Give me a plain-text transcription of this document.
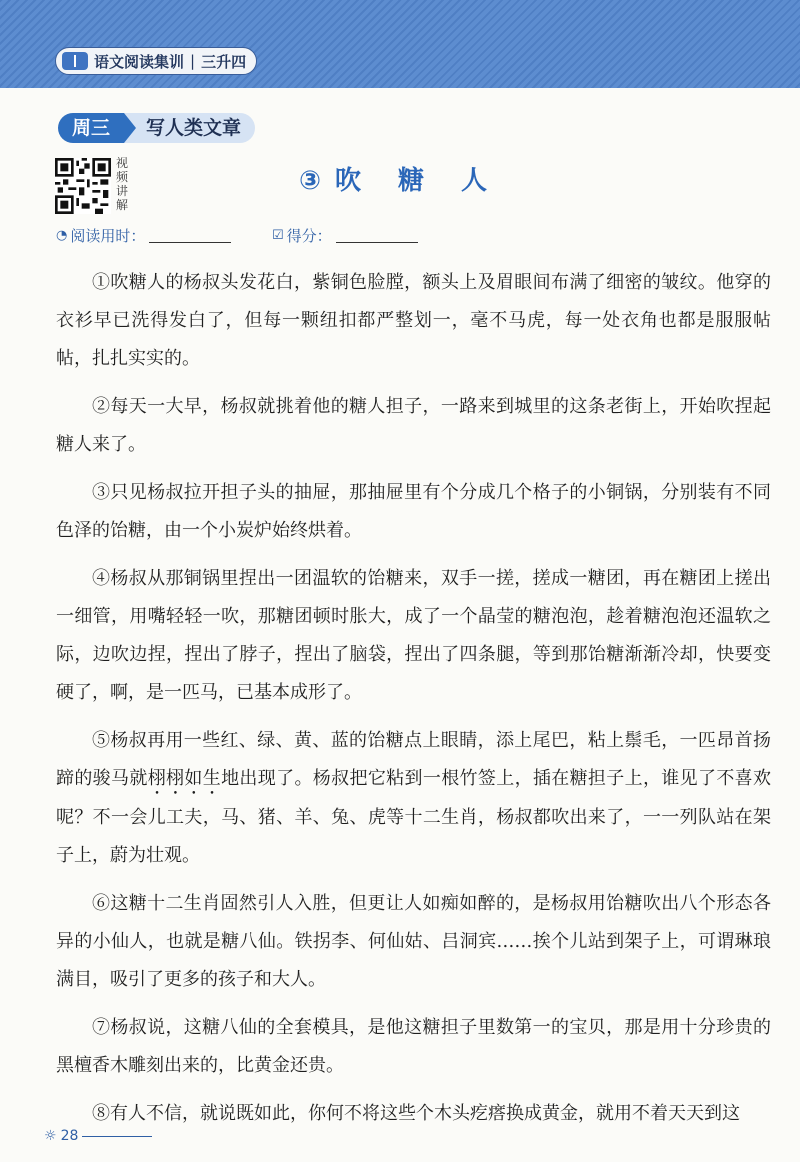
语文阅读集训 | 三升四
周三	写人类文章
视频讲解
③吹 糖 人
◔ 阅读用时：	☑ 得分：

①吹糖人的杨叔头发花白，紫铜色脸膛，额头上及眉眼间布满了细密的皱纹。他穿的衣衫早已洗得发白了，但每一颗纽扣都严整划一，毫不马虎，每一处衣角也都是服服帖帖，扎扎实实的。

②每天一大早，杨叔就挑着他的糖人担子，一路来到城里的这条老街上，开始吹捏起糖人来了。

③只见杨叔拉开担子头的抽屉，那抽屉里有个分成几个格子的小铜锅，分别装有不同色泽的饴糖，由一个小炭炉始终烘着。

④杨叔从那铜锅里捏出一团温软的饴糖来，双手一搓，搓成一糖团，再在糖团上搓出一细管，用嘴轻轻一吹，那糖团顿时胀大，成了一个晶莹的糖泡泡，趁着糖泡泡还温软之际，边吹边捏，捏出了脖子，捏出了脑袋，捏出了四条腿，等到那饴糖渐渐冷却，快要变硬了，啊，是一匹马，已基本成形了。

⑤杨叔再用一些红、绿、黄、蓝的饴糖点上眼睛，添上尾巴，粘上鬃毛，一匹昂首扬蹄的骏马就栩栩如生地出现了。杨叔把它粘到一根竹签上，插在糖担子上，谁见了不喜欢呢？不一会儿工夫，马、猪、羊、兔、虎等十二生肖，杨叔都吹出来了，一一列队站在架子上，蔚为壮观。

⑥这糖十二生肖固然引人入胜，但更让人如痴如醉的，是杨叔用饴糖吹出八个形态各异的小仙人，也就是糖八仙。铁拐李、何仙姑、吕洞宾……挨个儿站到架子上，可谓琳琅满目，吸引了更多的孩子和大人。

⑦杨叔说，这糖八仙的全套模具，是他这糖担子里数第一的宝贝，那是用十分珍贵的黑檀香木雕刻出来的，比黄金还贵。

⑧有人不信，就说既如此，你何不将这些个木头疙瘩换成黄金，就用不着天天到这

☼ 28
